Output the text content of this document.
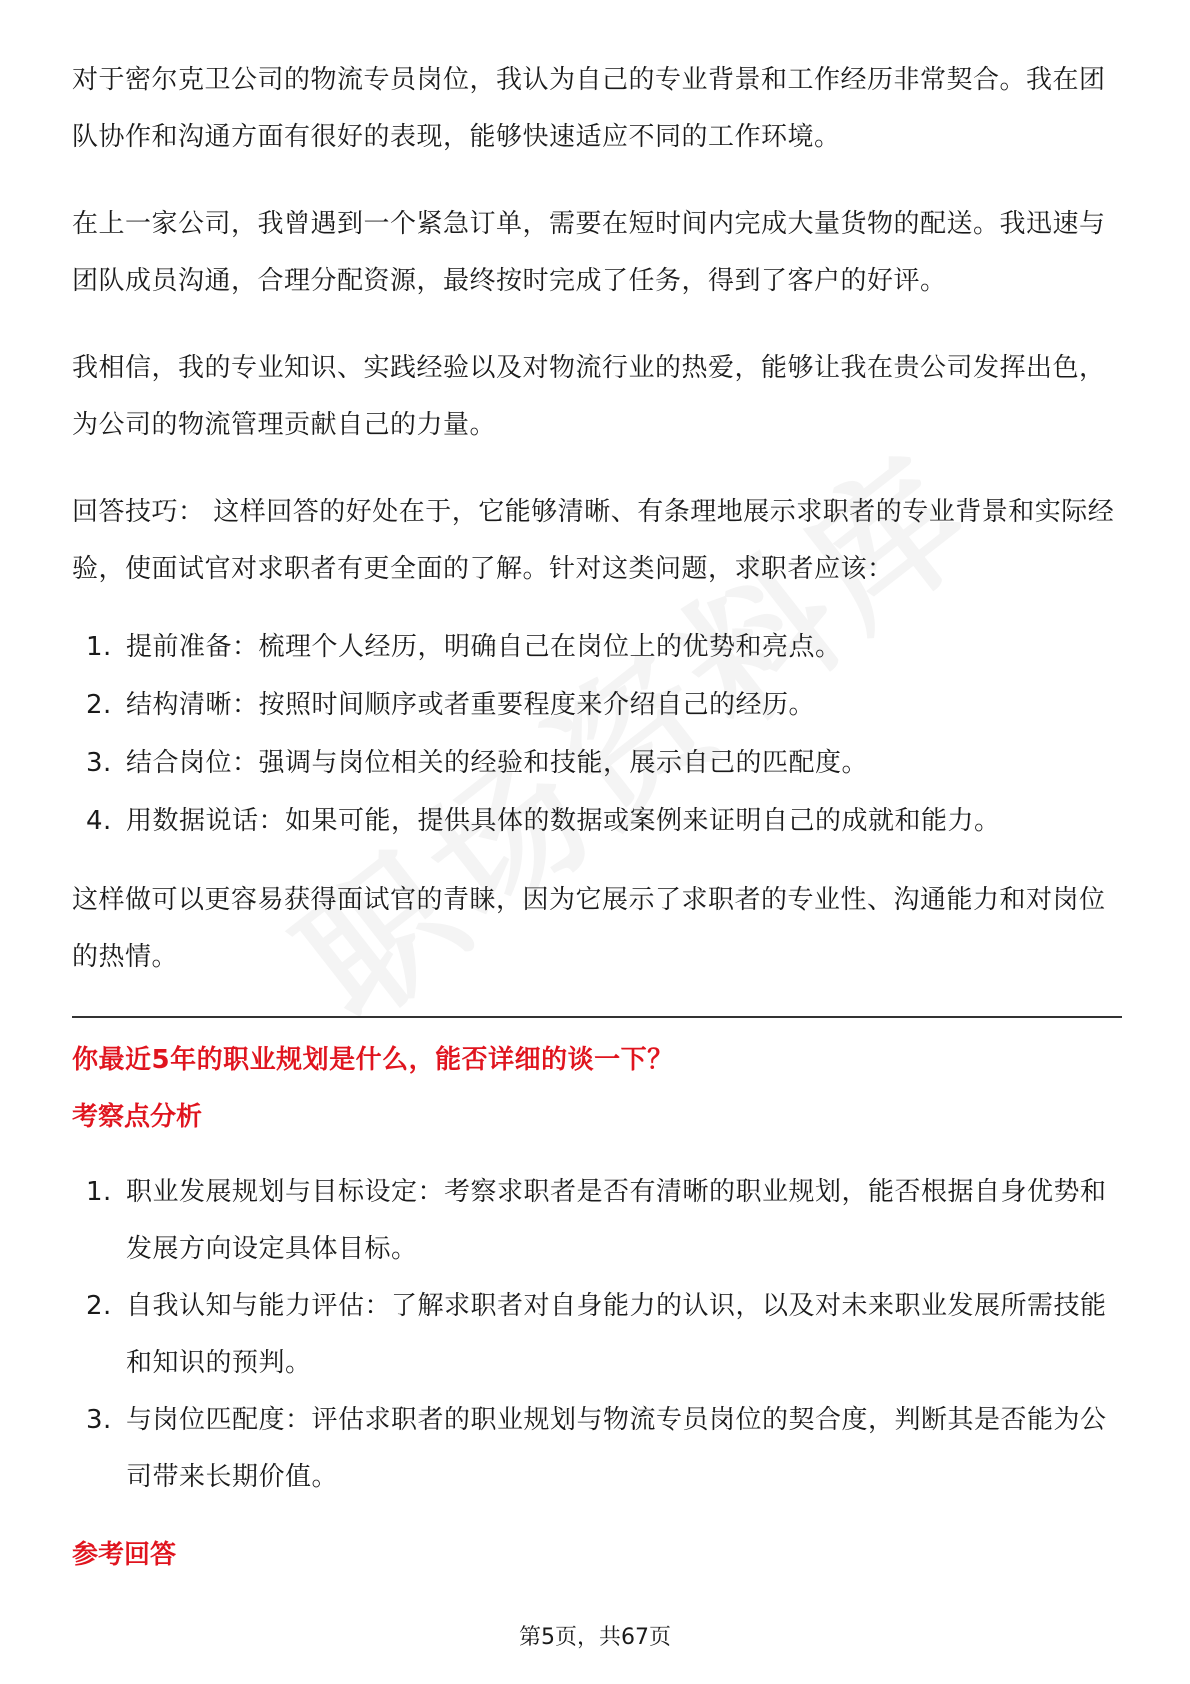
对于密尔克卫公司的物流专员岗位，我认为自己的专业背景和工作经历非常契合。我在团队协作和沟通方面有很好的表现，能够快速适应不同的工作环境。

在上一家公司，我曾遇到一个紧急订单，需要在短时间内完成大量货物的配送。我迅速与团队成员沟通，合理分配资源，最终按时完成了任务，得到了客户的好评。

我相信，我的专业知识、实践经验以及对物流行业的热爱，能够让我在贵公司发挥出色，为公司的物流管理贡献自己的力量。

回答技巧： 这样回答的好处在于，它能够清晰、有条理地展示求职者的专业背景和实际经验，使面试官对求职者有更全面的了解。针对这类问题，求职者应该：

1. 提前准备：梳理个人经历，明确自己在岗位上的优势和亮点。
2. 结构清晰：按照时间顺序或者重要程度来介绍自己的经历。
3. 结合岗位：强调与岗位相关的经验和技能，展示自己的匹配度。
4. 用数据说话：如果可能，提供具体的数据或案例来证明自己的成就和能力。

这样做可以更容易获得面试官的青睐，因为它展示了求职者的专业性、沟通能力和对岗位的热情。

你最近5年的职业规划是什么，能否详细的谈一下？
考察点分析
1. 职业发展规划与目标设定：考察求职者是否有清晰的职业规划，能否根据自身优势和发展方向设定具体目标。
2. 自我认知与能力评估：了解求职者对自身能力的认识，以及对未来职业发展所需技能和知识的预判。
3. 与岗位匹配度：评估求职者的职业规划与物流专员岗位的契合度，判断其是否能为公司带来长期价值。
参考回答
第5页，共67页
